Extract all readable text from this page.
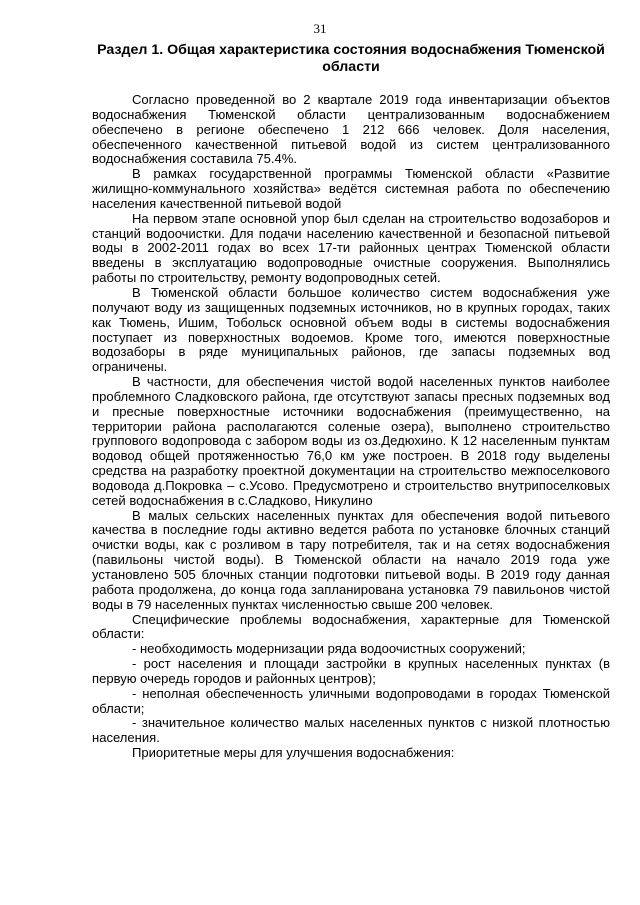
31
Раздел 1. Общая характеристика состояния водоснабжения Тюменской области

Согласно проведенной во 2 квартале 2019 года инвентаризации объектов водоснабжения Тюменской области централизованным водоснабжением обеспечено в регионе обеспечено 1 212 666 человек. Доля населения, обеспеченного качественной питьевой водой из систем централизованного водоснабжения составила 75.4%.

В рамках государственной программы Тюменской области «Развитие жилищно-коммунального хозяйства» ведётся системная работа по обеспечению населения качественной питьевой водой

На первом этапе основной упор был сделан на строительство водозаборов и станций водоочистки. Для подачи населению качественной и безопасной питьевой воды в 2002-2011 годах во всех 17-ти районных центрах Тюменской области введены в эксплуатацию водопроводные очистные сооружения. Выполнялись работы по строительству, ремонту водопроводных сетей.

В Тюменской области большое количество систем водоснабжения уже получают воду из защищенных подземных источников, но в крупных городах, таких как Тюмень, Ишим, Тобольск основной объем воды в системы водоснабжения поступает из поверхностных водоемов. Кроме того, имеются поверхностные водозаборы в ряде муниципальных районов, где запасы подземных вод ограничены.

В частности, для обеспечения чистой водой населенных пунктов наиболее проблемного Сладковского района, где отсутствуют запасы пресных подземных вод и пресные поверхностные источники водоснабжения (преимущественно, на территории района располагаются соленые озера), выполнено строительство группового водопровода с забором воды из оз.Дедюхино. К 12 населенным пунктам водовод общей протяженностью 76,0 км уже построен. В 2018 году выделены средства на разработку проектной документации на строительство межпоселкового водовода д.Покровка – с.Усово. Предусмотрено и строительство внутрипоселковых сетей водоснабжения в с.Сладково, Никулино

В малых сельских населенных пунктах для обеспечения водой питьевого качества в последние годы активно ведется работа по установке блочных станций очистки воды, как с розливом в тару потребителя, так и на сетях водоснабжения (павильоны чистой воды). В Тюменской области на начало 2019 года уже установлено 505 блочных станции подготовки питьевой воды. В 2019 году данная работа продолжена, до конца года запланирована установка 79 павильонов чистой воды в 79 населенных пунктах численностью свыше 200 человек.

Специфические проблемы водоснабжения, характерные для Тюменской области:

- необходимость модернизации ряда водоочистных сооружений;

- рост населения и площади застройки в крупных населенных пунктах (в первую очередь городов и районных центров);

- неполная обеспеченность уличными водопроводами в городах Тюменской области;

- значительное количество малых населенных пунктов с низкой плотностью населения.

Приоритетные меры для улучшения водоснабжения:
